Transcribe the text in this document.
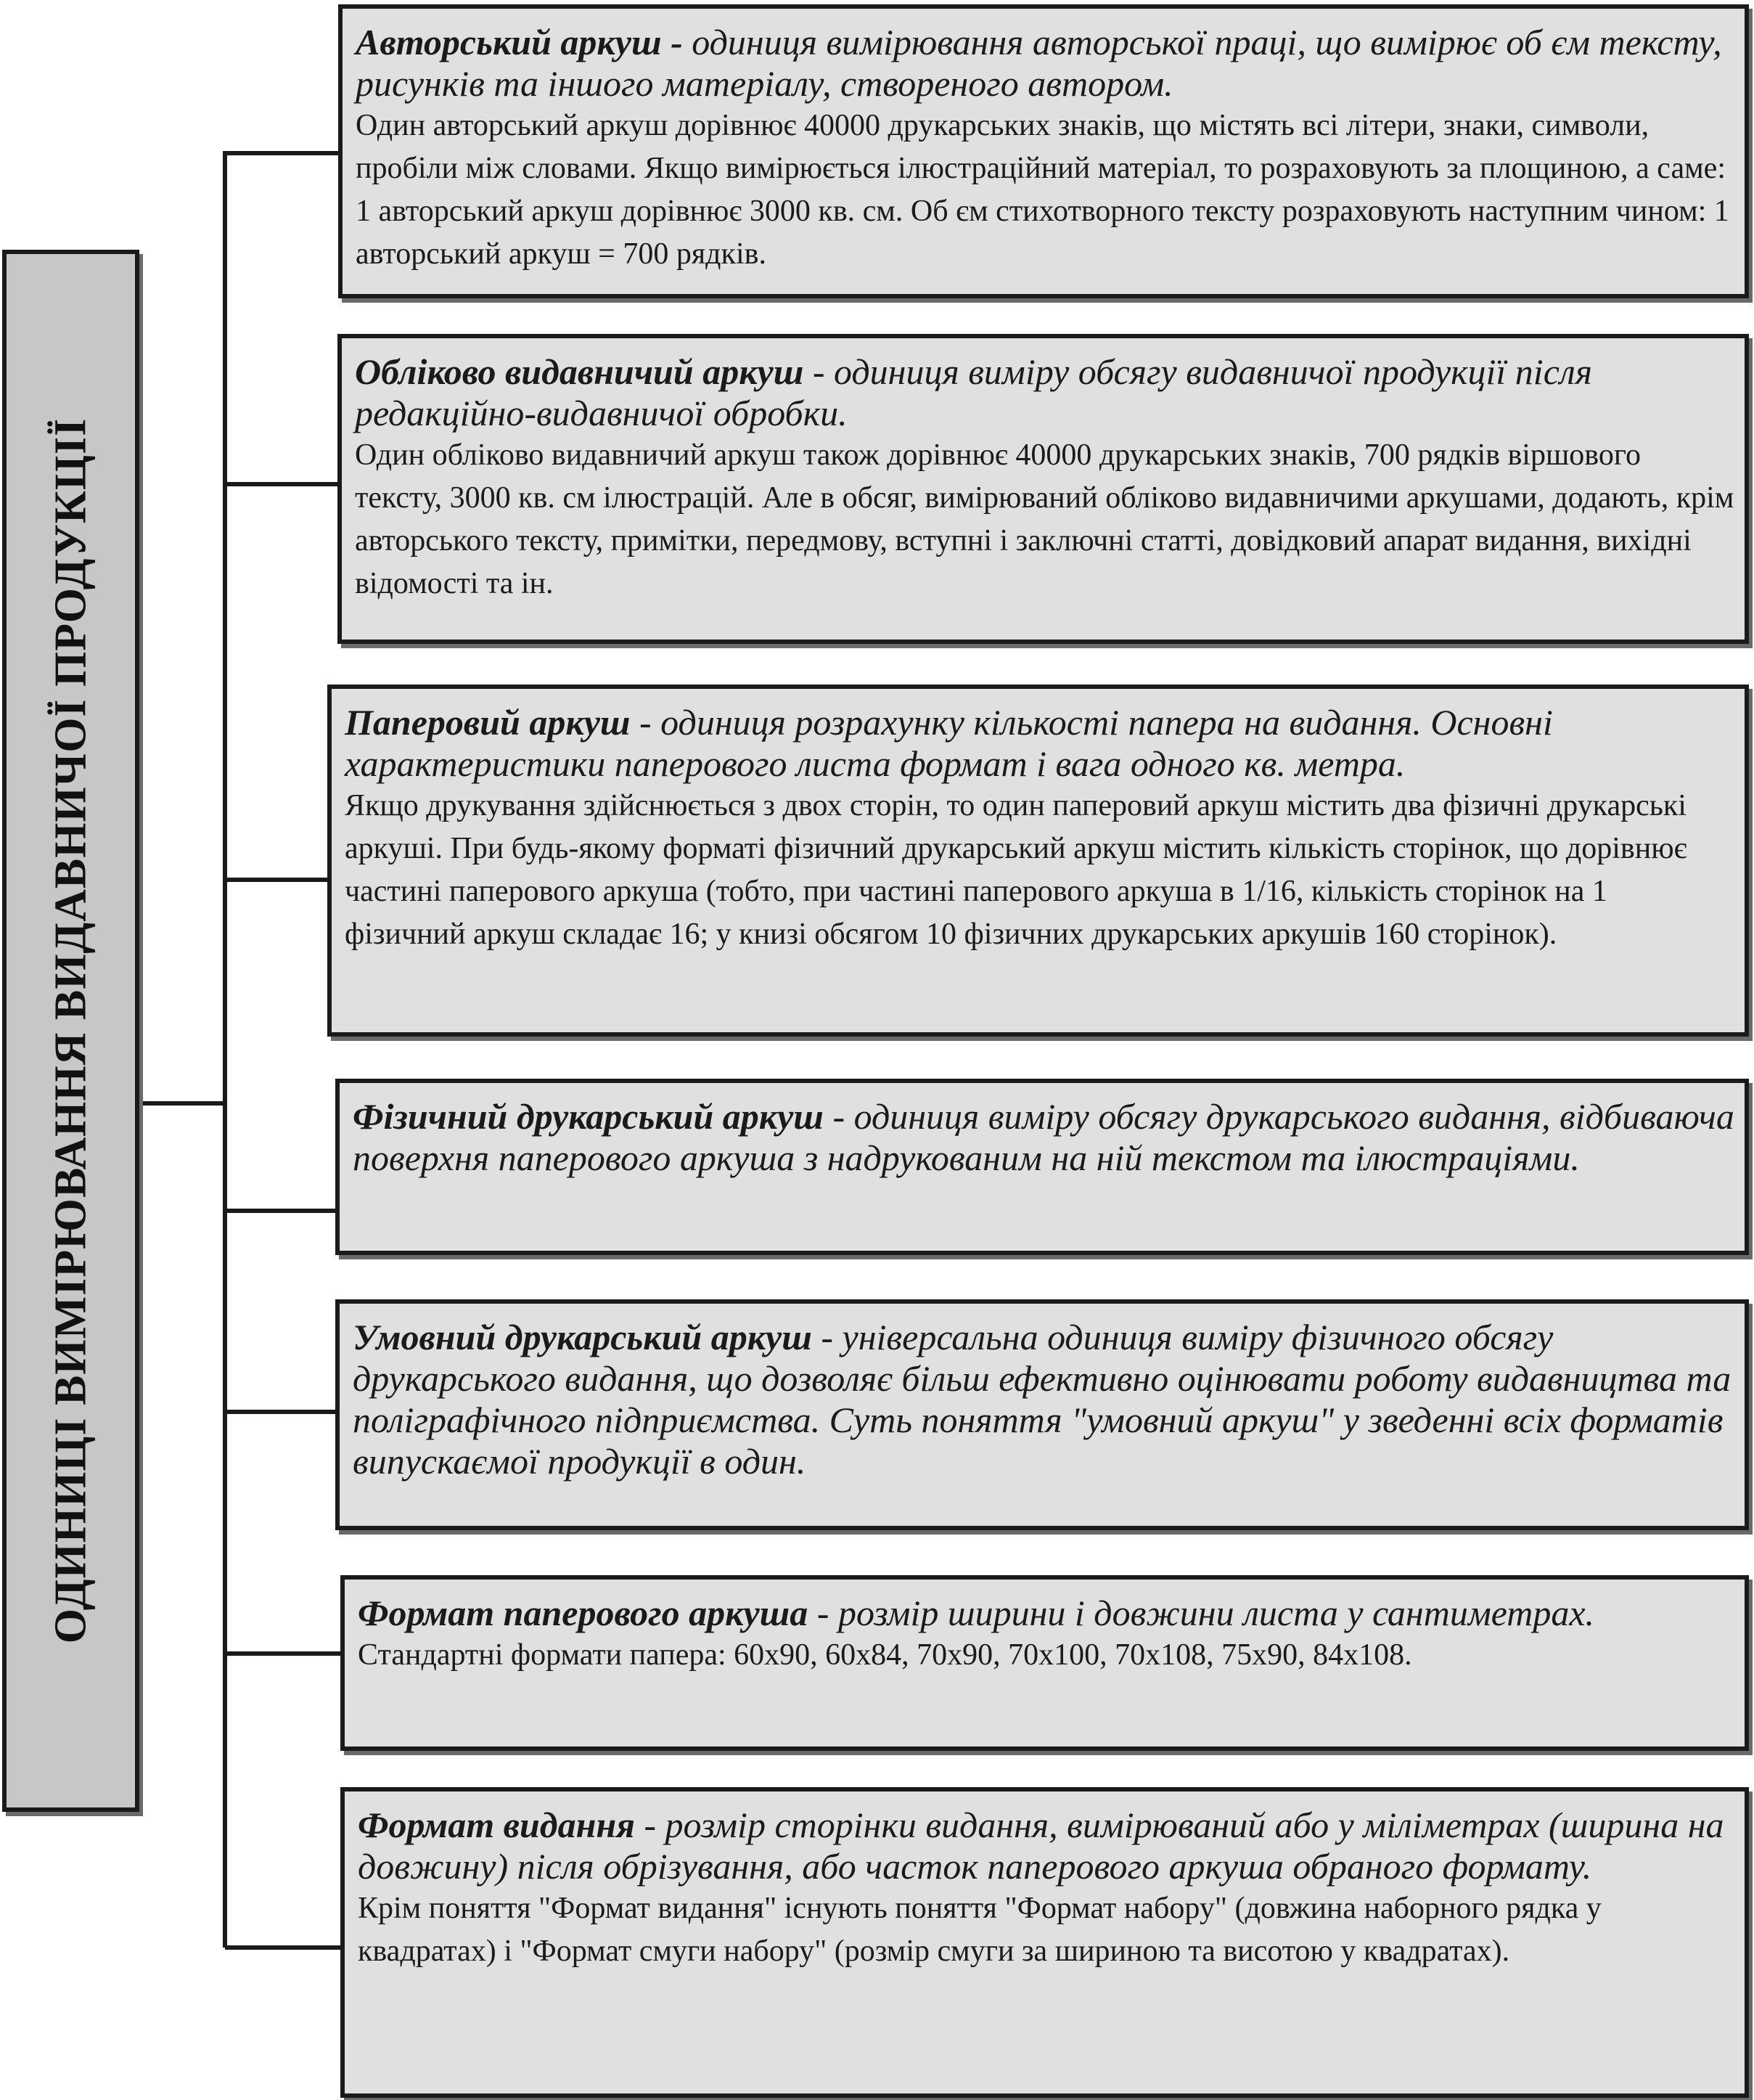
ОДИНИЦІ ВИМІРЮВАННЯ ВИДАВНИЧОЇ ПРОДУКЦІЇ

Авторський аркуш - одиниця вимірювання авторської праці, що вимірює об єм тексту, рисунків та іншого матеріалу, створеного автором.

Один авторський аркуш дорівнює 40000 друкарських знаків, що містять всі літери, знаки, символи, пробіли між словами. Якщо вимірюється ілюстраційний матеріал, то розраховують за площиною, а саме: 1 авторський аркуш дорівнює 3000 кв. см. Об єм стихотворного тексту розраховують наступним чином: 1 авторський аркуш = 700 рядків.

Обліково видавничий аркуш - одиниця виміру обсягу видавничої продукції після редакційно-видавничої обробки.

Один обліково видавничий аркуш також дорівнює 40000 друкарських знаків, 700 рядків віршового тексту, 3000 кв. см ілюстрацій. Але в обсяг, вимірюваний обліково видавничими аркушами, додають, крім авторського тексту, примітки, передмову, вступні і заключні статті, довідковий апарат видання, вихідні відомості та ін.

Паперовий аркуш - одиниця розрахунку кількості папера на видання. Основні характеристики паперового листа формат і вага одного кв. метра.

Якщо друкування здійснюється з двох сторін, то один паперовий аркуш містить два фізичні друкарські аркуші. При будь-якому форматі фізичний друкарський аркуш містить кількість сторінок, що дорівнює частині паперового аркуша (тобто, при частині паперового аркуша в 1/16, кількість сторінок на 1 фізичний аркуш складає 16; у книзі обсягом 10 фізичних друкарських аркушів 160 сторінок).

Фізичний друкарський аркуш - одиниця виміру обсягу друкарського видання, відбиваюча поверхня паперового аркуша з надрукованим на ній текстом та ілюстраціями.

Умовний друкарський аркуш - універсальна одиниця виміру фізичного обсягу друкарського видання, що дозволяє більш ефективно оцінювати роботу видавництва та поліграфічного підприємства. Суть поняття "умовний аркуш" у зведенні всіх форматів випускаємої продукції в один.

Формат паперового аркуша - розмір ширини і довжини листа у сантиметрах.

Стандартні формати папера: 60x90, 60x84, 70x90, 70x100, 70x108, 75x90, 84x108.

Формат видання - розмір сторінки видання, вимірюваний або у міліметрах (ширина на довжину) після обрізування, або часток паперового аркуша обраного формату.

Крім поняття "Формат видання" існують поняття "Формат набору" (довжина наборного рядка у квадратах) і "Формат смуги набору" (розмір смуги за шириною та висотою у квадратах).
